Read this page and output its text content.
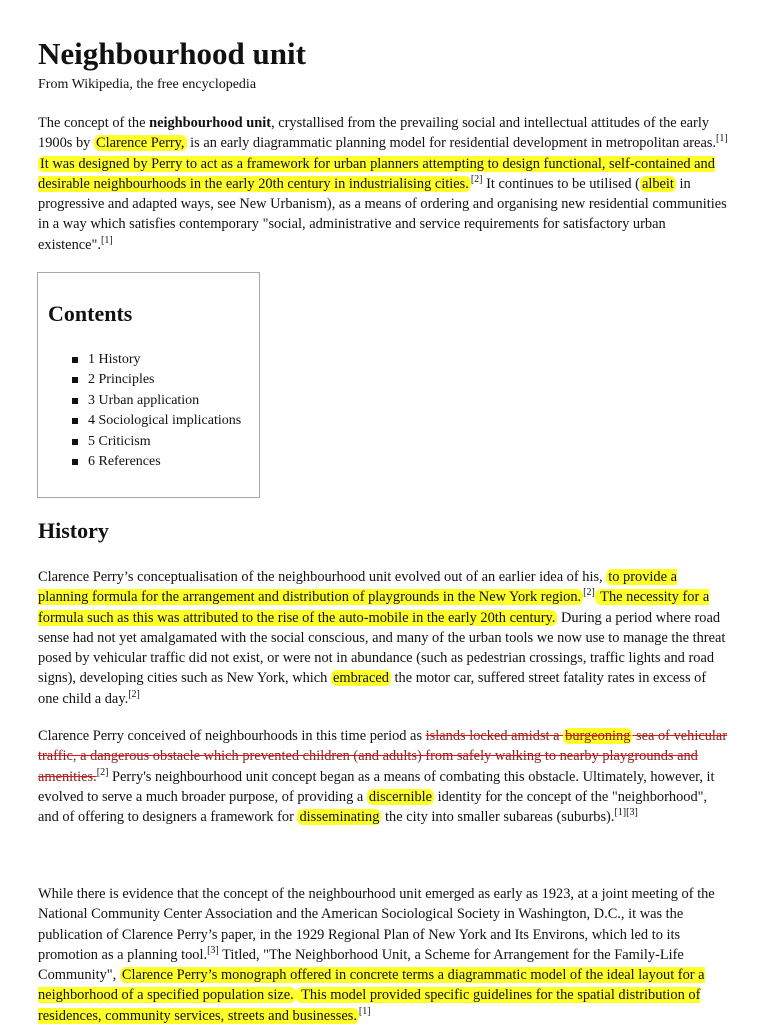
Neighbourhood unit
From Wikipedia, the free encyclopedia
The concept of the neighbourhood unit, crystallised from the prevailing social and intellectual attitudes of the early 1900s by Clarence Perry, is an early diagrammatic planning model for residential development in metropolitan areas.[1] It was designed by Perry to act as a framework for urban planners attempting to design functional, self-contained and desirable neighbourhoods in the early 20th century in industrialising cities. [2] It continues to be utilised ( albeit in progressive and adapted ways, see New Urbanism), as a means of ordering and organising new residential communities in a way which satisfies contemporary "social, administrative and service requirements for satisfactory urban existence".[1]
Contents
1 History
2 Principles
3 Urban application
4 Sociological implications
5 Criticism
6 References
History
Clarence Perry’s conceptualisation of the neighbourhood unit evolved out of an earlier idea of his, to provide a planning formula for the arrangement and distribution of playgrounds in the New York region. [2] The necessity for a formula such as this was attributed to the rise of the auto-mobile in the early 20th century. During a period where road sense had not yet amalgamated with the social conscious, and many of the urban tools we now use to manage the threat posed by vehicular traffic did not exist, or were not in abundance (such as pedestrian crossings, traffic lights and road signs), developing cities such as New York, which embraced the motor car, suffered street fatality rates in excess of one child a day.[2]
Clarence Perry conceived of neighbourhoods in this time period as islands locked amidst a burgeoning sea of vehicular traffic, a dangerous obstacle which prevented children (and adults) from safely walking to nearby playgrounds and amenities.[2] Perry's neighbourhood unit concept began as a means of combating this obstacle. Ultimately, however, it evolved to serve a much broader purpose, of providing a discernible identity for the concept of the "neighborhood", and of offering to designers a framework for disseminating the city into smaller subareas (suburbs).[1][3]
While there is evidence that the concept of the neighbourhood unit emerged as early as 1923, at a joint meeting of the National Community Center Association and the American Sociological Society in Washington, D.C., it was the publication of Clarence Perry’s paper, in the 1929 Regional Plan of New York and Its Environs, which led to its promotion as a planning tool.[3] Titled, "The Neighborhood Unit, a Scheme for Arrangement for the Family-Life Community", Clarence Perry’s monograph offered in concrete terms a diagrammatic model of the ideal layout for a neighborhood of a specified population size. This model provided specific guidelines for the spatial distribution of residences, community services, streets and businesses. [1]
